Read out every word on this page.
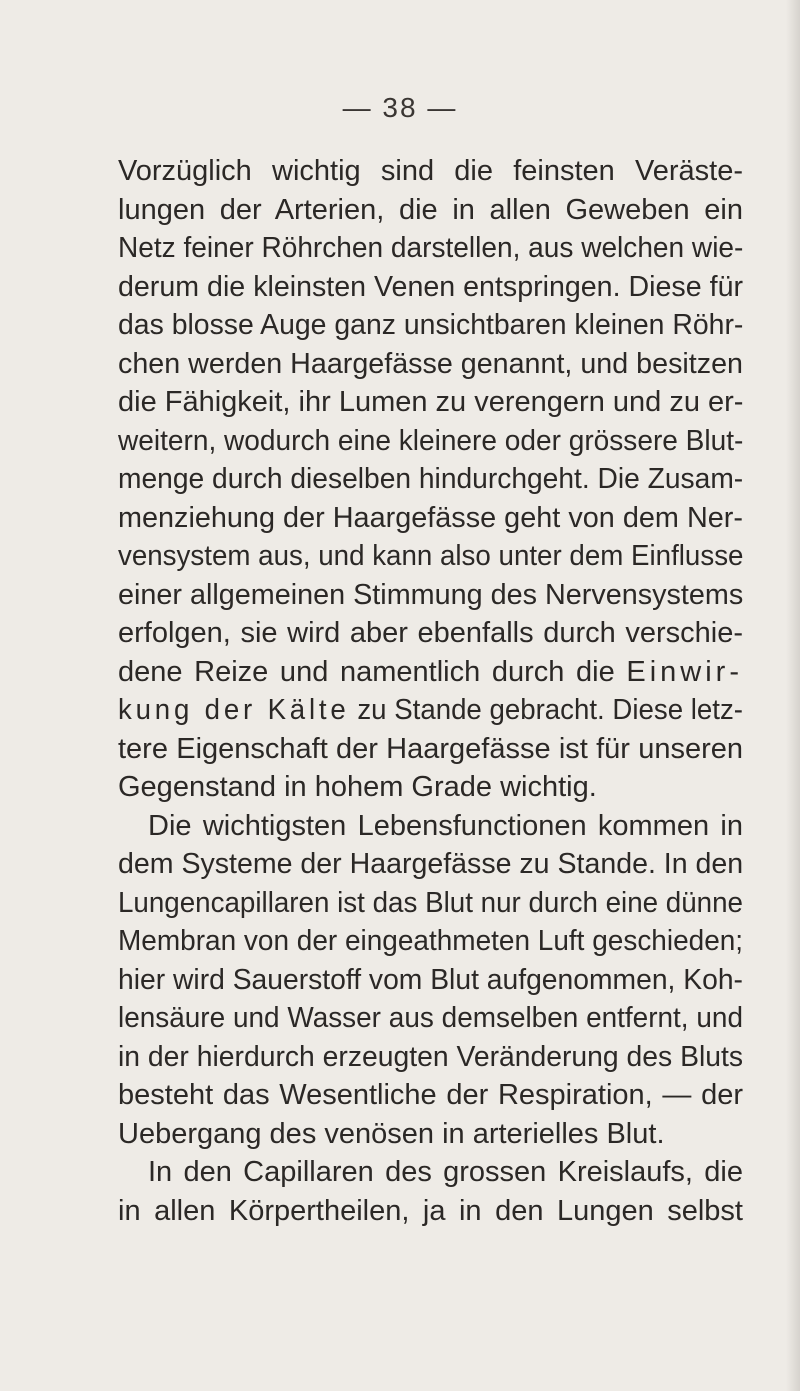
— 38 —
Vorzüglich wichtig sind die feinsten Veräste-
lungen der Arterien, die in allen Geweben ein
Netz feiner Röhrchen darstellen, aus welchen wie-
derum die kleinsten Venen entspringen. Diese für
das blosse Auge ganz unsichtbaren kleinen Röhr-
chen werden Haargefässe genannt, und besitzen
die Fähigkeit, ihr Lumen zu verengern und zu er-
weitern, wodurch eine kleinere oder grössere Blut-
menge durch dieselben hindurchgeht. Die Zusam-
menziehung der Haargefässe geht von dem Ner-
vensystem aus, und kann also unter dem Einflusse
einer allgemeinen Stimmung des Nervensystems
erfolgen, sie wird aber ebenfalls durch verschie-
dene Reize und namentlich durch die Einwir-
kung der Kälte zu Stande gebracht. Diese letz-
tere Eigenschaft der Haargefässe ist für unseren
Gegenstand in hohem Grade wichtig.
Die wichtigsten Lebensfunctionen kommen in
dem Systeme der Haargefässe zu Stande. In den
Lungencapillaren ist das Blut nur durch eine dünne
Membran von der eingeathmeten Luft geschieden;
hier wird Sauerstoff vom Blut aufgenommen, Koh-
lensäure und Wasser aus demselben entfernt, und
in der hierdurch erzeugten Veränderung des Bluts
besteht das Wesentliche der Respiration, — der
Uebergang des venösen in arterielles Blut.
In den Capillaren des grossen Kreislaufs, die
in allen Körpertheilen, ja in den Lungen selbst
